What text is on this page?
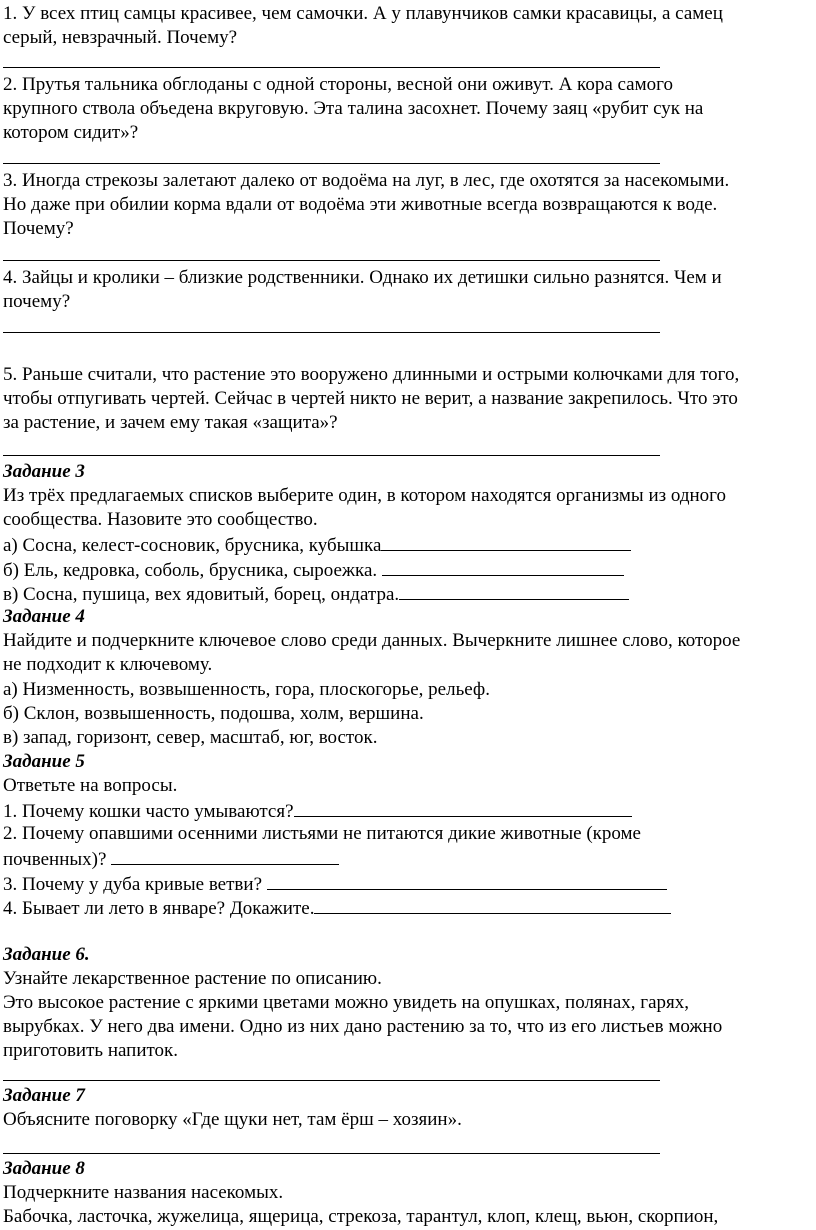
1. У всех птиц самцы красивее, чем самочки. А у плавунчиков самки красавицы, а самец
серый, невзрачный. Почему?
2. Прутья тальника обглоданы с одной стороны, весной они оживут. А кора самого
крупного ствола объедена вкруговую. Эта талина засохнет. Почему заяц «рубит сук на
котором сидит»?
3. Иногда стрекозы залетают далеко от водоёма на луг, в лес, где охотятся за насекомыми.
Но даже при обилии корма вдали от водоёма эти животные всегда возвращаются к воде.
Почему?
4. Зайцы и кролики – близкие родственники. Однако их детишки сильно разнятся. Чем и
почему?
5. Раньше считали, что растение это вооружено длинными и острыми колючками для того,
чтобы отпугивать чертей. Сейчас в чертей никто не верит, а название закрепилось. Что это
за растение, и зачем ему такая «защита»?
Задание 3
Из трёх предлагаемых списков выберите один, в котором находятся организмы из одного
сообщества. Назовите это сообщество.
а) Сосна, келест-сосновик, брусника, кубышка
б) Ель, кедровка, соболь, брусника, сыроежка.
в) Сосна, пушица, вех ядовитый, борец, ондатра.
Задание 4
Найдите и подчеркните ключевое слово среди данных. Вычеркните лишнее слово, которое
не подходит к ключевому.
а) Низменность, возвышенность, гора, плоскогорье, рельеф.
б) Склон, возвышенность, подошва, холм, вершина.
в) запад, горизонт, север, масштаб, юг, восток.
Задание 5
Ответьте на вопросы.
1. Почему кошки часто умываются?
2. Почему опавшими осенними листьями не питаются дикие животные (кроме
почвенных)?
3. Почему у дуба кривые ветви?
4. Бывает ли лето в январе? Докажите.
Задание 6.
Узнайте лекарственное растение по описанию.
Это высокое растение с яркими цветами можно увидеть на опушках, полянах, гарях,
вырубках. У него два имени. Одно из них дано растению за то, что из его листьев можно
приготовить напиток.
Задание 7
Объясните поговорку «Где щуки нет, там ёрш – хозяин».
Задание 8
Подчеркните названия насекомых.
Бабочка, ласточка, жужелица, ящерица, стрекоза, тарантул, клоп, клещ, вьюн, скорпион,
